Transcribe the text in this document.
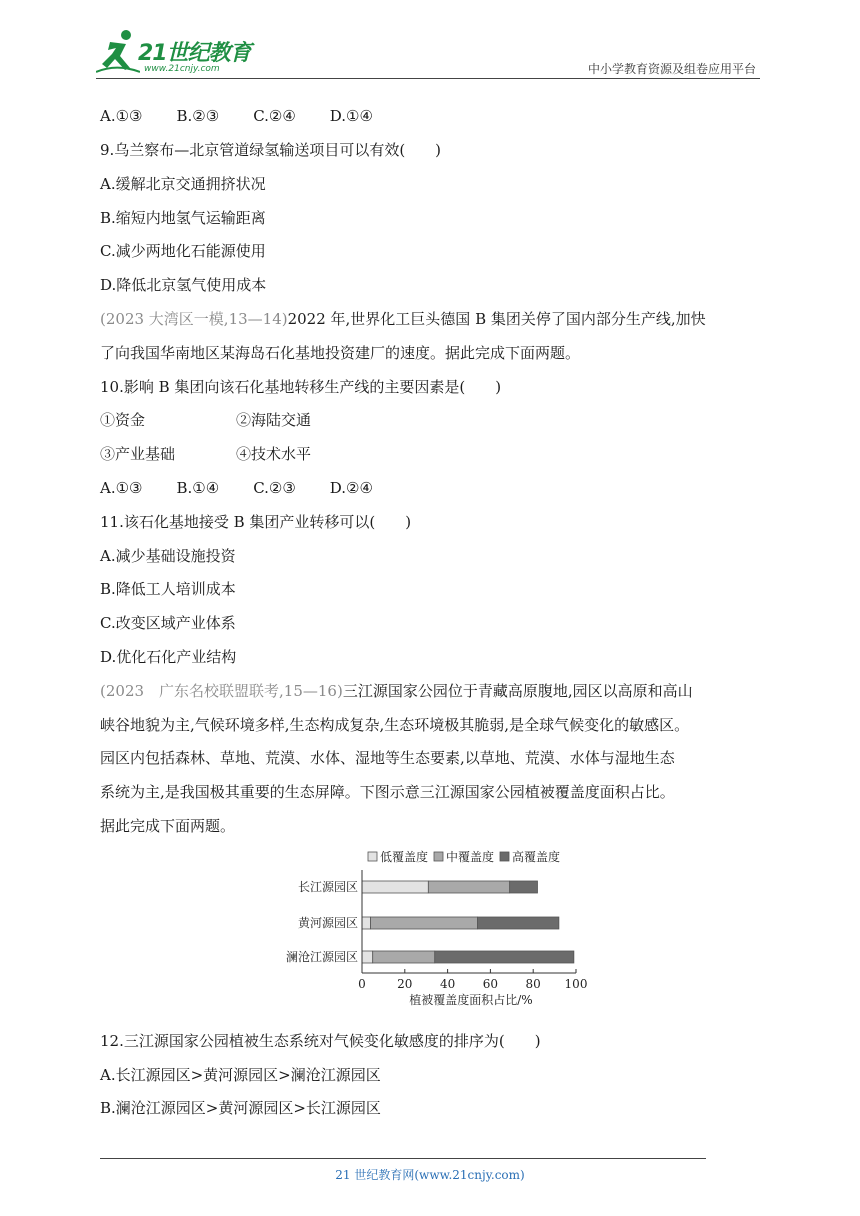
21世纪教育
www.21cnjy.com	中小学教育资源及组卷应用平台
A.①③ B.②③ C.②④ D.①④
9.乌兰察布—北京管道绿氢输送项目可以有效(　　)
A.缓解北京交通拥挤状况
B.缩短内地氢气运输距离
C.减少两地化石能源使用
D.降低北京氢气使用成本
(2023 大湾区一模,13—14)2022 年,世界化工巨头德国 B 集团关停了国内部分生产线,加快
了向我国华南地区某海岛石化基地投资建厂的速度。据此完成下面两题。
10.影响 B 集团向该石化基地转移生产线的主要因素是(　　)
①资金	②海陆交通
③产业基础	④技术水平
A.①③ B.①④ C.②③ D.②④
11.该石化基地接受 B 集团产业转移可以(　　)
A.减少基础设施投资
B.降低工人培训成本
C.改变区域产业体系
D.优化石化产业结构
(2023　广东名校联盟联考,15—16)三江源国家公园位于青藏高原腹地,园区以高原和高山
峡谷地貌为主,气候环境多样,生态构成复杂,生态环境极其脆弱,是全球气候变化的敏感区。
园区内包括森林、草地、荒漠、水体、湿地等生态要素,以草地、荒漠、水体与湿地生态
系统为主,是我国极其重要的生态屏障。下图示意三江源国家公园植被覆盖度面积占比。
据此完成下面两题。
低覆盖度 中覆盖度 高覆盖度
长江源园区
黄河源园区
澜沧江源园区
0	20 40 60 80 100
植被覆盖度面积占比/%
12.三江源国家公园植被生态系统对气候变化敏感度的排序为(　　)
A.长江源园区>黄河源园区>澜沧江源园区
B.澜沧江源园区>黄河源园区>长江源园区
21 世纪教育网(www.21cnjy.com)
